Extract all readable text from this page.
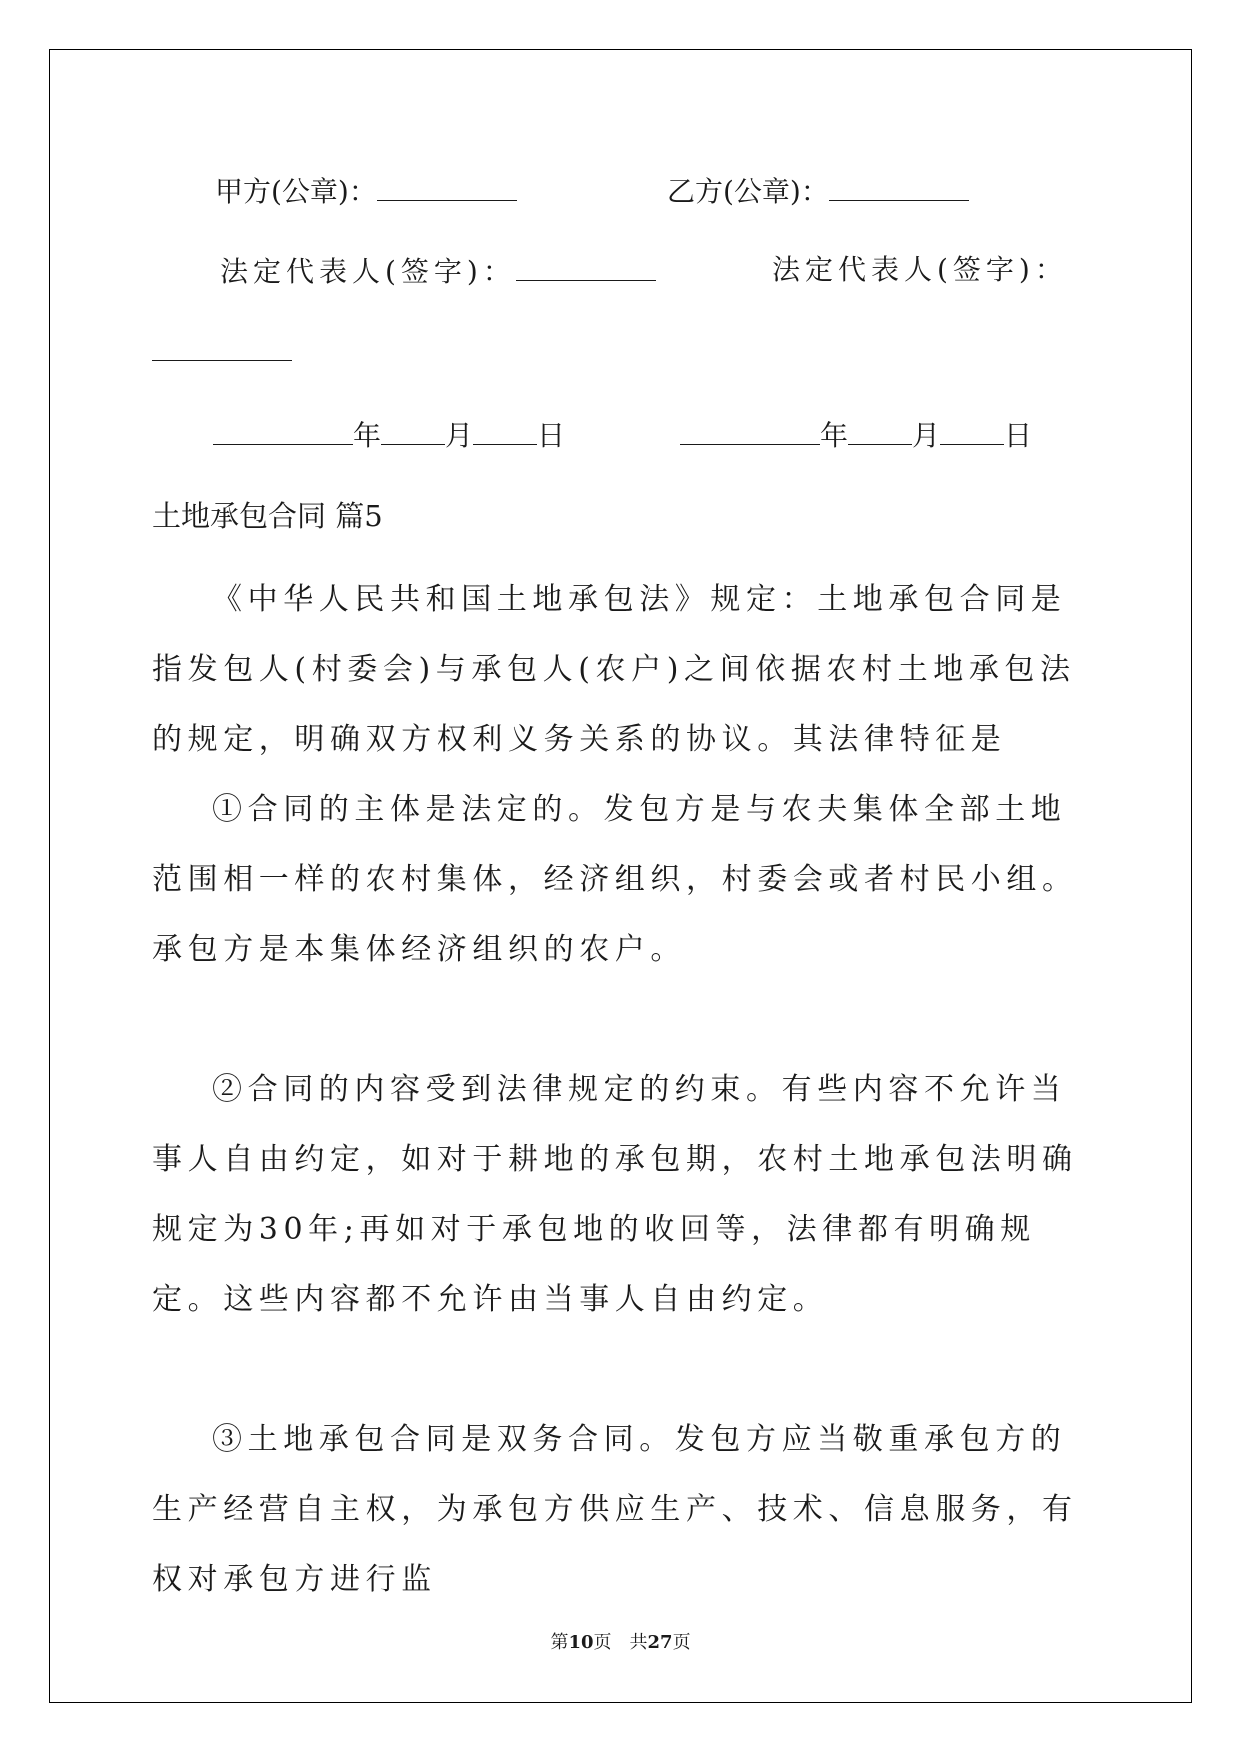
甲方(公章)：	乙方(公章)：
法定代表人(签字)：	法定代表人(签字)：
年 月 日	年 月 日
土地承包合同 篇5

《中华人民共和国土地承包法》规定：土地承包合同是指发包人(村委会)与承包人(农户)之间依据农村土地承包法的规定，明确双方权利义务关系的协议。其法律特征是

①合同的主体是法定的。发包方是与农夫集体全部土地范围相一样的农村集体，经济组织，村委会或者村民小组。承包方是本集体经济组织的农户。

②合同的内容受到法律规定的约束。有些内容不允许当事人自由约定，如对于耕地的承包期，农村土地承包法明确规定为30年;再如对于承包地的收回等，法律都有明确规定。这些内容都不允许由当事人自由约定。

③土地承包合同是双务合同。发包方应当敬重承包方的生产经营自主权，为承包方供应生产、技术、信息服务，有权对承包方进行监

第10页　共27页
